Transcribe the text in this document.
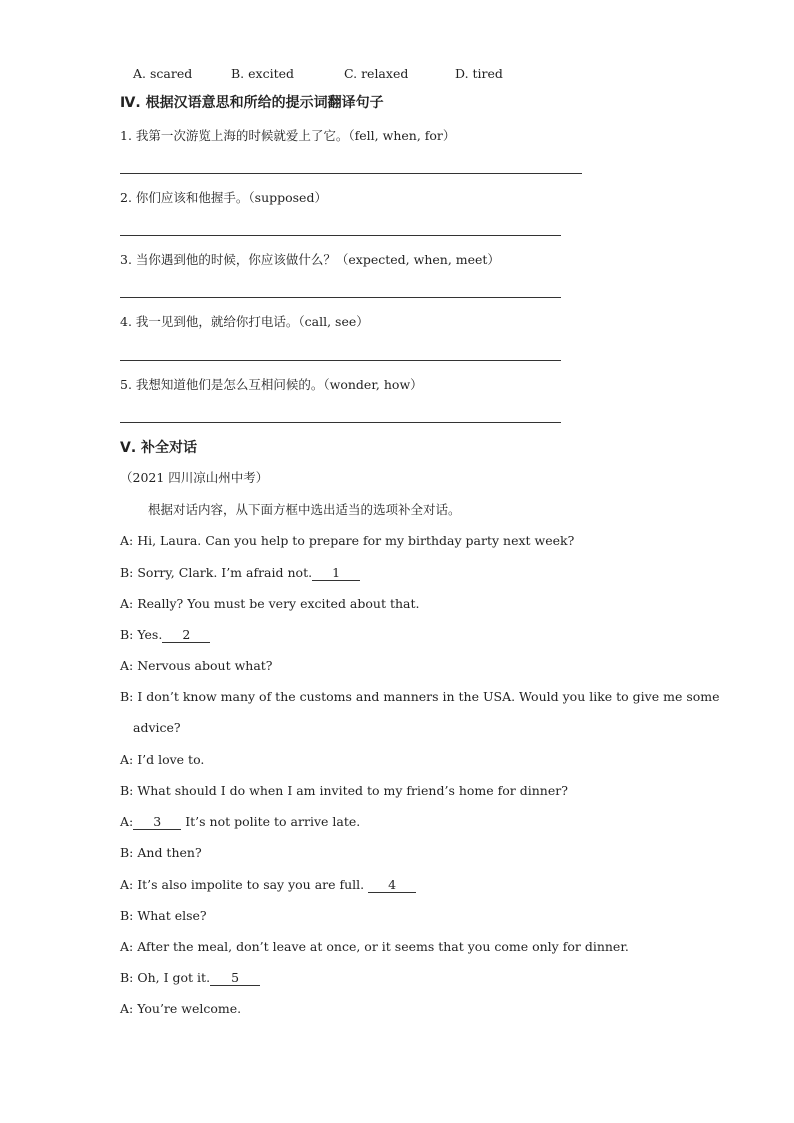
A. scared	B. excited	C. relaxed	D. tired
Ⅳ. 根据汉语意思和所给的提示词翻译句子
1. 我第一次游览上海的时候就爱上了它。（fell, when, for）
2. 你们应该和他握手。（supposed）
3. 当你遇到他的时候，你应该做什么？（expected, when, meet）
4. 我一见到他，就给你打电话。（call, see）
5. 我想知道他们是怎么互相问候的。（wonder, how）
Ⅴ. 补全对话
（2021 四川凉山州中考）
根据对话内容，从下面方框中选出适当的选项补全对话。
A: Hi, Laura. Can you help to prepare for my birthday party next week?
B: Sorry, Clark. I’m afraid not. 1
A: Really? You must be very excited about that.
B: Yes. 2
A: Nervous about what?
B: I don’t know many of the customs and manners in the USA. Would you like to give me some
advice?
A: I’d love to.
B: What should I do when I am invited to my friend’s home for dinner?
A: 3 It’s not polite to arrive late.
B: And then?
A: It’s also impolite to say you are full. 4
B: What else?
A: After the meal, don’t leave at once, or it seems that you come only for dinner.
B: Oh, I got it. 5
A: You’re welcome.
